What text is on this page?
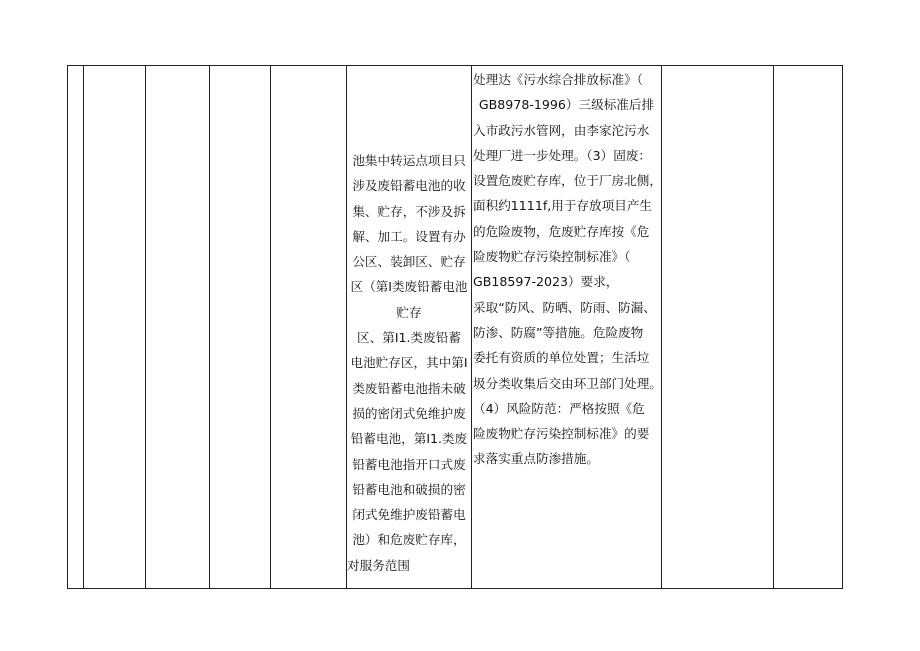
池集中转运点项目只
涉及废铅蓄电池的收
集、贮存，不涉及拆
解、加工。设置有办
公区、装卸区、贮存
区（第Ⅰ类废铅蓄电池
贮存
区、第Ⅰ1.类废铅蓄
电池贮存区，其中第Ⅰ
类废铅蓄电池指未破
损的密闭式免维护废
铅蓄电池，第Ⅰ1.类废
铅蓄电池指开口式废
铅蓄电池和破损的密
闭式免维护废铅蓄电
池）和危废贮存库，
对服务范围
处理达《污水综合排放标准》（
GB8978-1996）三级标准后排
入市政污水管网，由李家沱污水
处理厂进一步处理。（3）固废：
设置危废贮存库，位于厂房北侧，
面积约1111f,用于存放项目产生
的危险废物，危废贮存库按《危
险废物贮存污染控制标准》（
GB18597-2023）要求，
采取“防风、防晒、防雨、防漏、
防渗、防腐”等措施。危险废物
委托有资质的单位处置；生活垃
圾分类收集后交由环卫部门处理。
（4）风险防范：严格按照《危
险废物贮存污染控制标准》的要
求落实重点防渗措施。
